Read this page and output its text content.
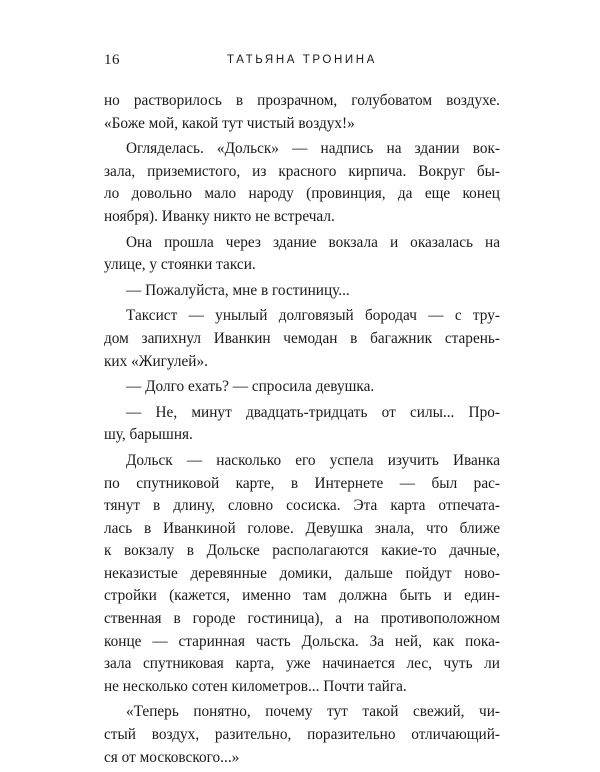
16	ТАТЬЯНА ТРОНИНА
но растворилось в прозрачном, голубоватом воздухе.
«Боже мой, какой тут чистый воздух!»
Огляделась. «Дольск» — надпись на здании вок-
зала, приземистого, из красного кирпича. Вокруг бы-
ло довольно мало народу (провинция, да еще конец
ноября). Иванку никто не встречал.
Она прошла через здание вокзала и оказалась на
улице, у стоянки такси.
— Пожалуйста, мне в гостиницу...
Таксист — унылый долговязый бородач — с тру-
дом запихнул Иванкин чемодан в багажник старень-
ких «Жигулей».
— Долго ехать? — спросила девушка.
— Не, минут двадцать-тридцать от силы... Про-
шу, барышня.
Дольск — насколько его успела изучить Иванка
по спутниковой карте, в Интернете — был рас-
тянут в длину, словно сосиска. Эта карта отпечата-
лась в Иванкиной голове. Девушка знала, что ближе
к вокзалу в Дольске располагаются какие-то дачные,
неказистые деревянные домики, дальше пойдут ново-
стройки (кажется, именно там должна быть и един-
ственная в городе гостиница), а на противоположном
конце — старинная часть Дольска. За ней, как пока-
зала спутниковая карта, уже начинается лес, чуть ли
не несколько сотен километров... Почти тайга.
«Теперь понятно, почему тут такой свежий, чи-
стый воздух, разительно, поразительно отличающий-
ся от московского...»
